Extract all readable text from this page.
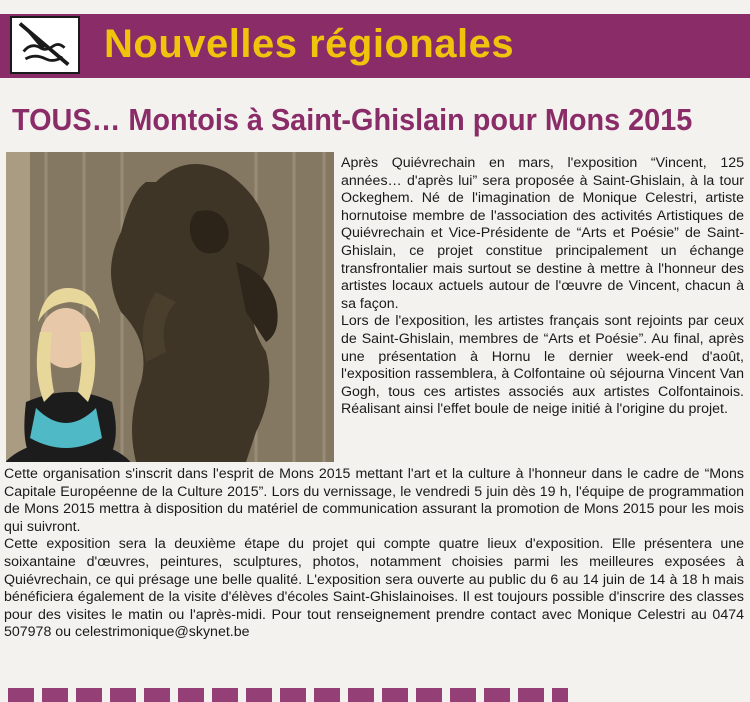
Nouvelles régionales
TOUS… Montois à Saint-Ghislain pour Mons 2015

Après Quiévrechain en mars, l'exposition “Vincent, 125 années… d'après lui” sera proposée à Saint-Ghislain, à la tour Ockeghem. Né de l'imagination de Monique Celestri, artiste hornutoise membre de l'association des activités Artistiques de Quiévrechain et Vice-Présidente de “Arts et Poésie” de Saint-Ghislain, ce projet constitue principalement un échange transfrontalier mais surtout se destine à mettre à l'honneur des artistes locaux actuels autour de l'œuvre de Vincent, chacun à sa façon.

Lors de l'exposition, les artistes français sont rejoints par ceux de Saint-Ghislain, membres de “Arts et Poésie”. Au final, après une présentation à Hornu le dernier week-end d'août, l'exposition rassemblera, à Colfontaine où séjourna Vincent Van Gogh, tous ces artistes associés aux artistes Colfontainois. Réalisant ainsi l'effet boule de neige initié à l'origine du projet.

Cette organisation s'inscrit dans l'esprit de Mons 2015 mettant l'art et la culture à l'honneur dans le cadre de “Mons Capitale Européenne de la Culture 2015”. Lors du vernissage, le vendredi 5 juin dès 19 h, l'équipe de programmation de Mons 2015 mettra à disposition du matériel de communication assurant la promotion de Mons 2015 pour les mois qui suivront.

Cette exposition sera la deuxième étape du projet qui compte quatre lieux d'exposition. Elle présentera une soixantaine d'œuvres, peintures, sculptures, photos, notamment choisies parmi les meilleures exposées à Quiévrechain, ce qui présage une belle qualité. L'exposition sera ouverte au public du 6 au 14 juin de 14 à 18 h mais bénéficiera également de la visite d'élèves d'écoles Saint-Ghislainoises. Il est toujours possible d'inscrire des classes pour des visites le matin ou l'après-midi. Pour tout renseignement prendre contact avec Monique Celestri au 0474 507978 ou celestrimonique@skynet.be
